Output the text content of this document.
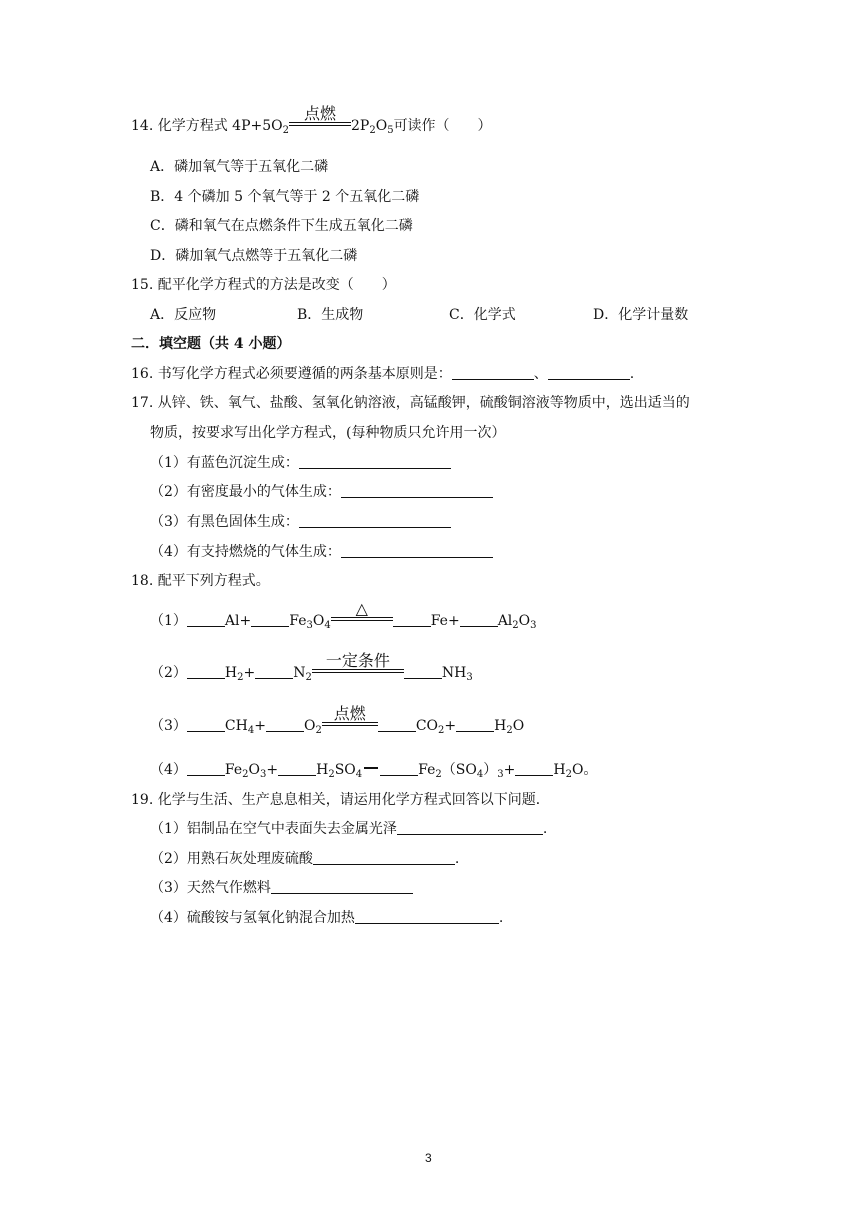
14. 化学方程式 $4P+5O_2$
点燃
$2P_2O_5$可读作（　　）
A．磷加氧气等于五氧化二磷
B．4 个磷加 5 个氧气等于 2 个五氧化二磷
C．磷和氧气在点燃条件下生成五氧化二磷
D．磷加氧气点燃等于五氧化二磷
15. 配平化学方程式的方法是改变（　　）
A．反应物	B．生成物	C．化学式	D．化学计量数
二．填空题（共 4 小题）
16. 书写化学方程式必须要遵循的两条基本原则是：	、	.
17. 从锌、铁、氧气、盐酸、氢氧化钠溶液，高锰酸钾，硫酸铜溶液等物质中，选出适当的
物质，按要求写出化学方程式，(每种物质只允许用一次）
（1）有蓝色沉淀生成：
（2）有密度最小的气体生成：
（3）有黑色固体生成：
（4）有支持燃烧的气体生成：
18. 配平下列方程式。
（1）	Al+	$Fe_3O_4$
△
Fe+	$Al_2O_3$
（2）	$H_2+$	$N_2$
一定条件
$NH_3$
（3）	$CH_4+$	$O_2$
点燃
$CO_2+$	$H_2O$
（4）	$Fe_2O_3+$	$H_2SO_4$	$Fe_2(SO_4)_3+$	$H_2O$。
19. 化学与生活、生产息息相关，请运用化学方程式回答以下问题．
（1）铝制品在空气中表面失去金属光泽	.
（2）用熟石灰处理废硫酸	.
（3）天然气作燃料
（4）硫酸铵与氢氧化钠混合加热	.
3
